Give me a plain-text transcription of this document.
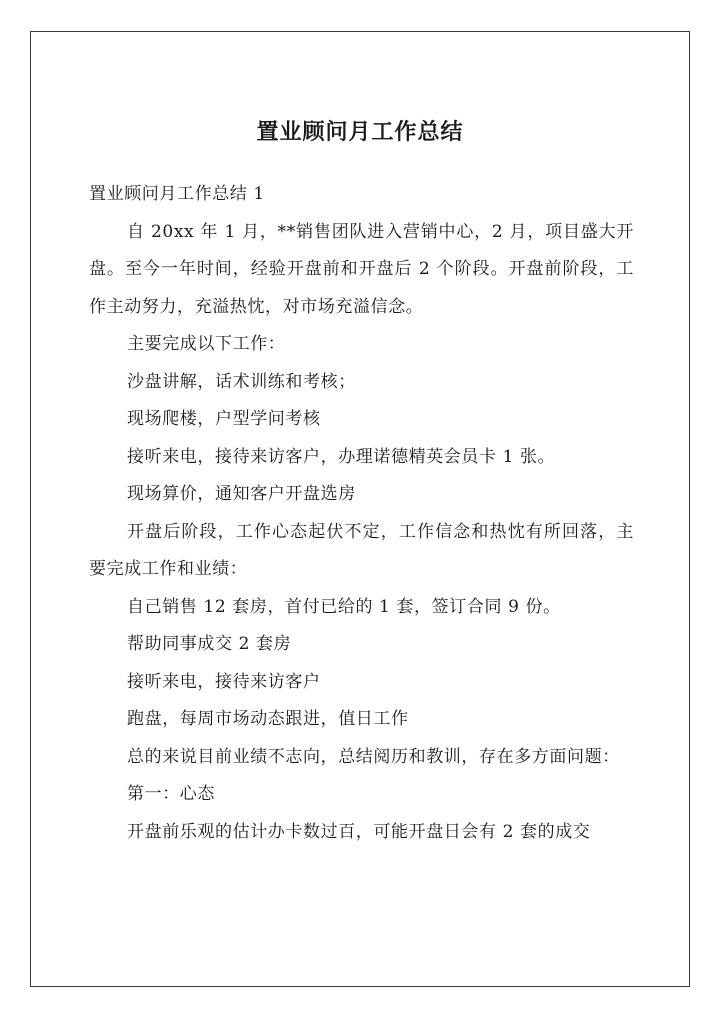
置业顾问月工作总结

置业顾问月工作总结 1

自 20xx 年 1 月，**销售团队进入营销中心，2 月，项目盛大开盘。至今一年时间，经验开盘前和开盘后 2 个阶段。开盘前阶段，工作主动努力，充溢热忱，对市场充溢信念。

主要完成以下工作：

沙盘讲解，话术训练和考核；

现场爬楼，户型学问考核

接听来电，接待来访客户，办理诺德精英会员卡 1 张。

现场算价，通知客户开盘选房

开盘后阶段，工作心态起伏不定，工作信念和热忱有所回落，主要完成工作和业绩：

自己销售 12 套房，首付已给的 1 套，签订合同 9 份。

帮助同事成交 2 套房

接听来电，接待来访客户

跑盘，每周市场动态跟进，值日工作

总的来说目前业绩不志向，总结阅历和教训，存在多方面问题：

第一：心态

开盘前乐观的估计办卡数过百，可能开盘日会有 2 套的成交
